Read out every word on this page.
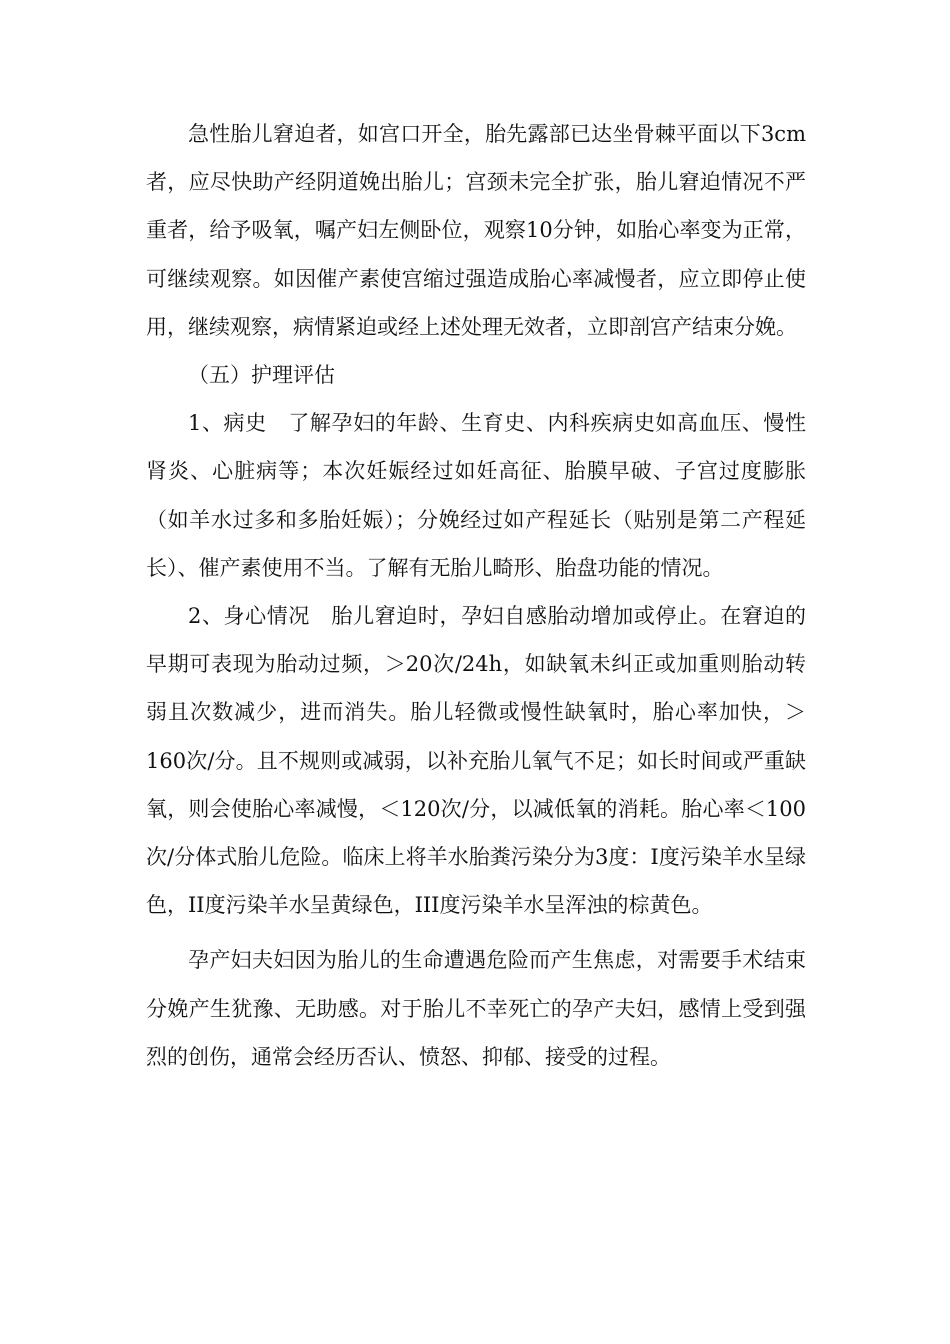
急性胎儿窘迫者，如宫口开全，胎先露部已达坐骨棘平面以下3cm者，应尽快助产经阴道娩出胎儿；宫颈未完全扩张，胎儿窘迫情况不严重者，给予吸氧，嘱产妇左侧卧位，观察10分钟，如胎心率变为正常，可继续观察。如因催产素使宫缩过强造成胎心率减慢者，应立即停止使用，继续观察，病情紧迫或经上述处理无效者，立即剖宫产结束分娩。

（五）护理评估

1、病史　了解孕妇的年龄、生育史、内科疾病史如高血压、慢性肾炎、心脏病等；本次妊娠经过如妊高征、胎膜早破、子宫过度膨胀（如羊水过多和多胎妊娠）；分娩经过如产程延长（贴别是第二产程延长）、催产素使用不当。了解有无胎儿畸形、胎盘功能的情况。

2、身心情况　胎儿窘迫时，孕妇自感胎动增加或停止。在窘迫的早期可表现为胎动过频，＞20次/24h，如缺氧未纠正或加重则胎动转弱且次数减少，进而消失。胎儿轻微或慢性缺氧时，胎心率加快，＞160次/分。且不规则或减弱，以补充胎儿氧气不足；如长时间或严重缺氧，则会使胎心率减慢，＜120次/分，以减低氧的消耗。胎心率＜100次/分体式胎儿危险。临床上将羊水胎粪污染分为3度：I度污染羊水呈绿色，II度污染羊水呈黄绿色，III度污染羊水呈浑浊的棕黄色。

孕产妇夫妇因为胎儿的生命遭遇危险而产生焦虑，对需要手术结束分娩产生犹豫、无助感。对于胎儿不幸死亡的孕产夫妇，感情上受到强烈的创伤，通常会经历否认、愤怒、抑郁、接受的过程。
